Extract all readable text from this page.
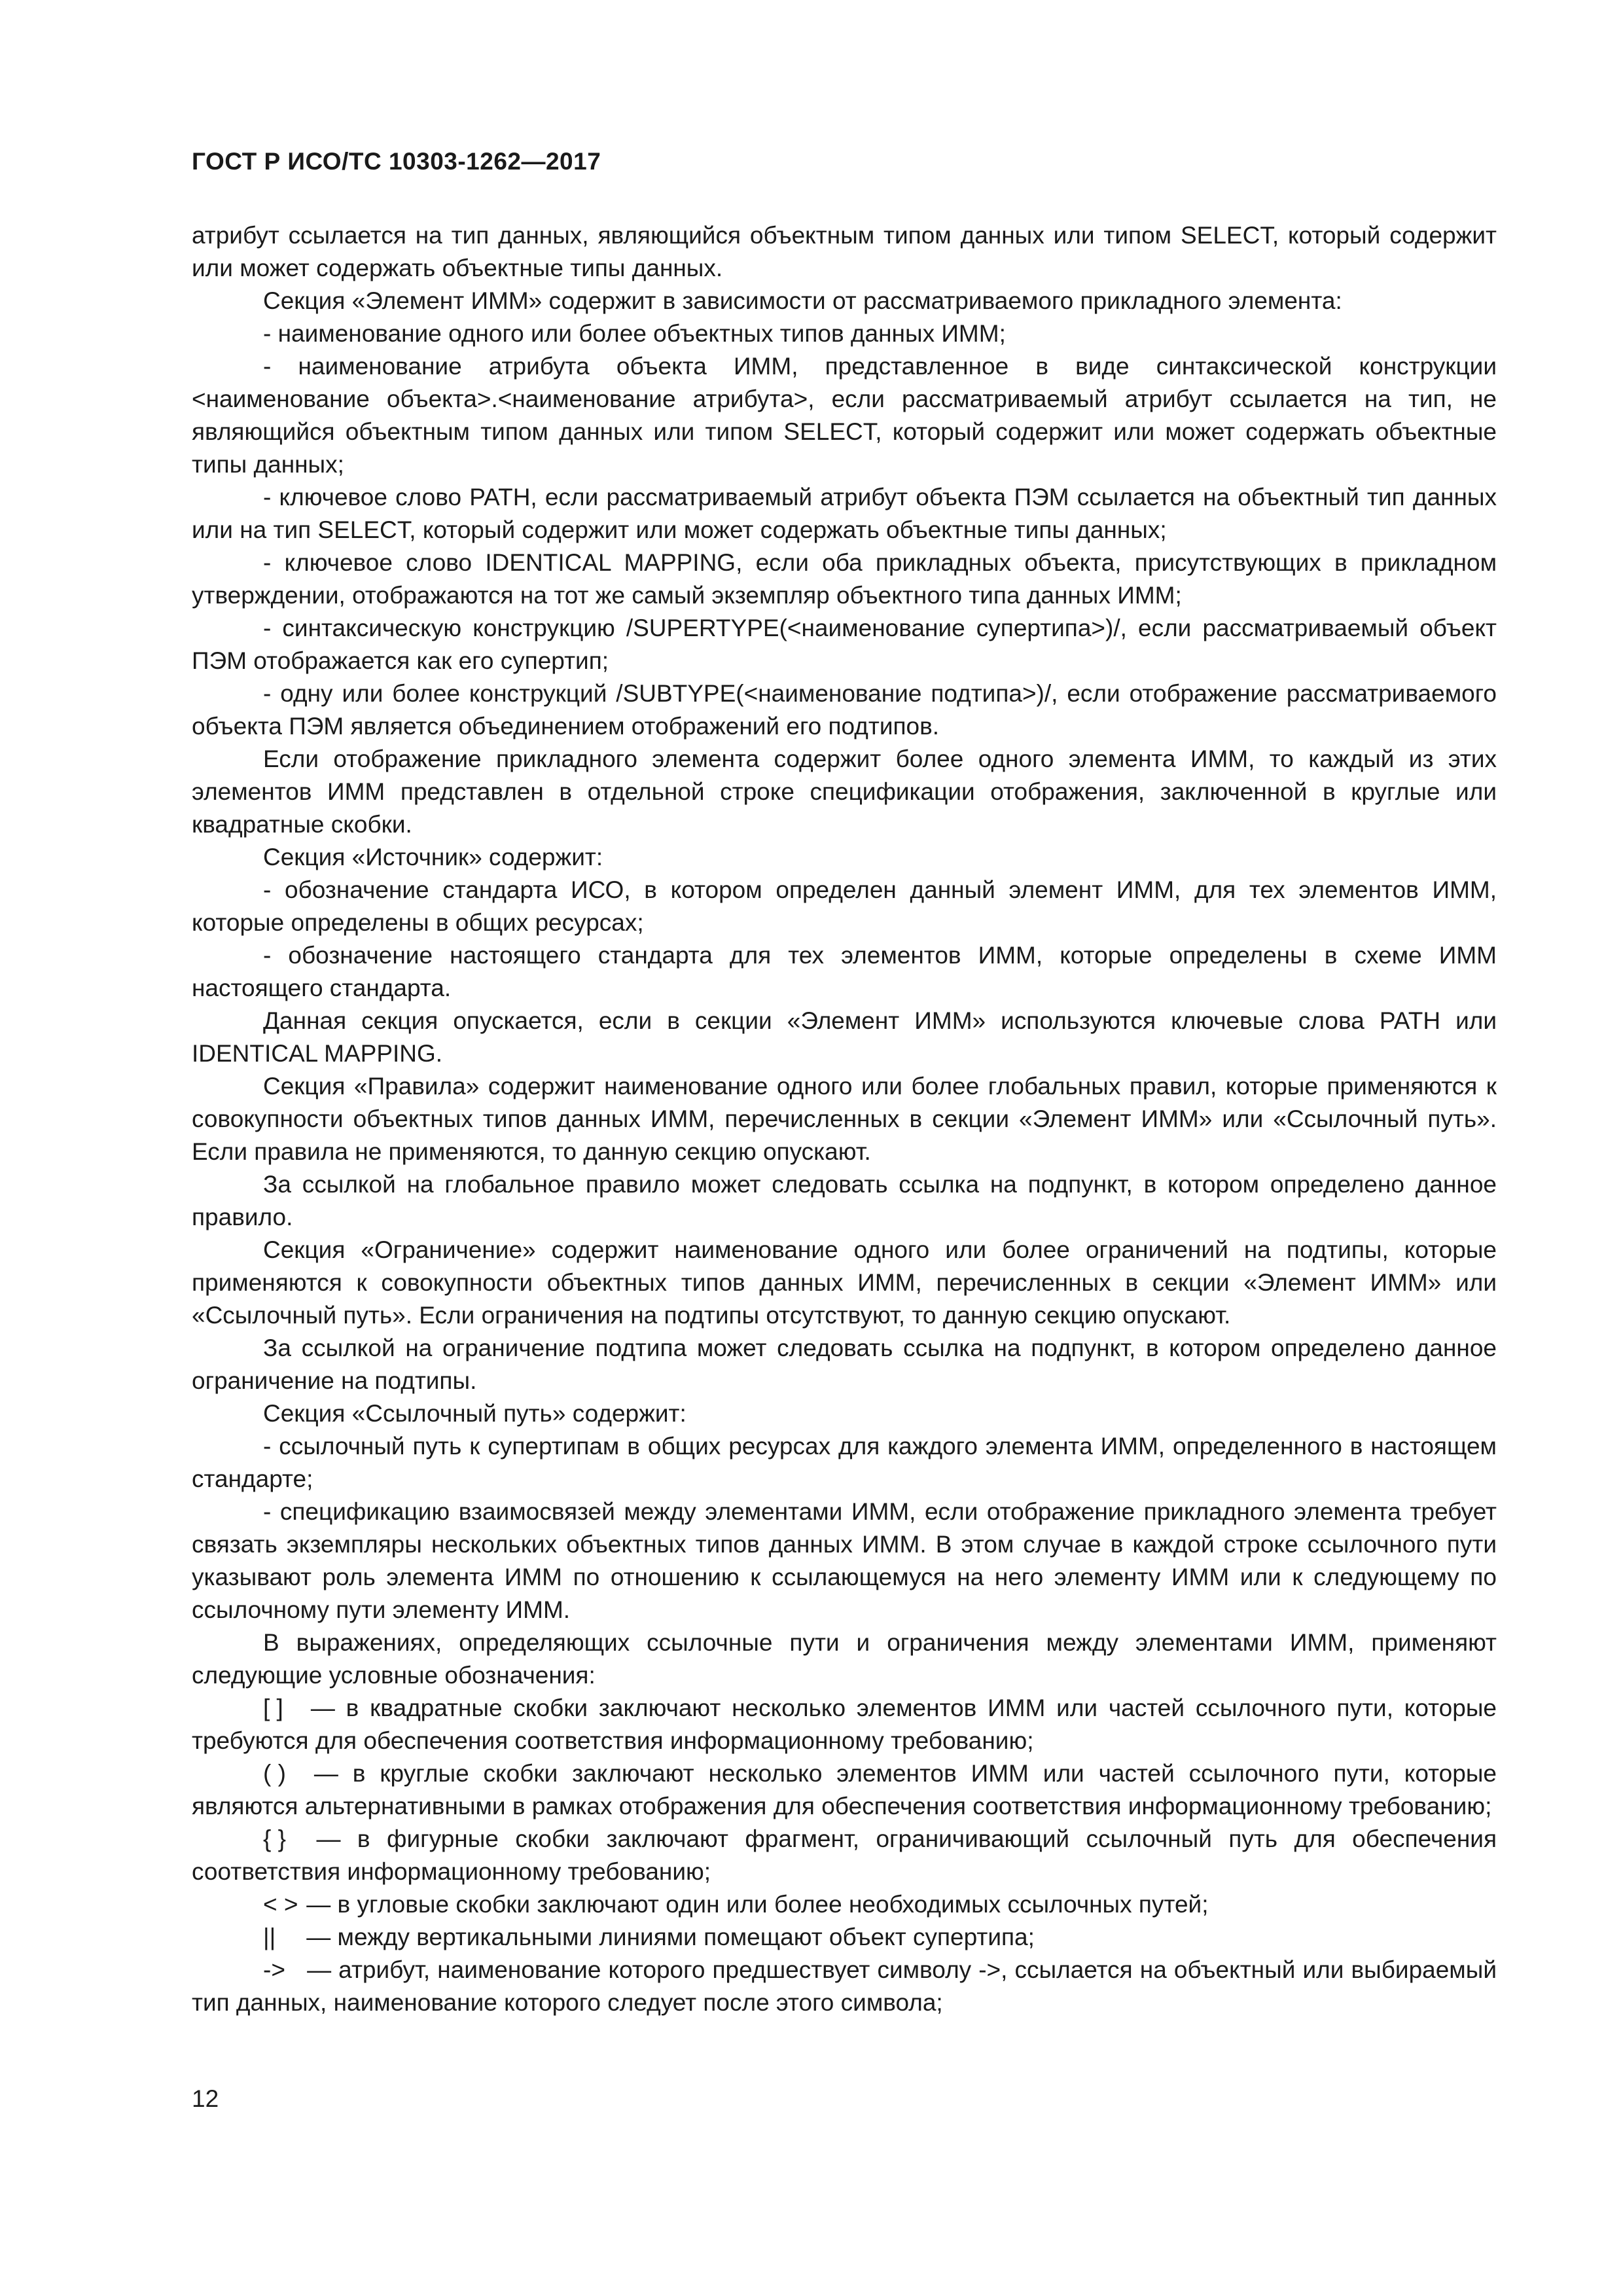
ГОСТ Р ИСО/ТС 10303-1262—2017

атрибут ссылается на тип данных, являющийся объектным типом данных или типом SELECT, который содержит или может содержать объектные типы данных.

Секция «Элемент ИММ» содержит в зависимости от рассматриваемого прикладного элемента:

- наименование одного или более объектных типов данных ИММ;

- наименование атрибута объекта ИММ, представленное в виде синтаксической конструкции <наименование объекта>.<наименование атрибута>, если рассматриваемый атрибут ссылается на тип, не являющийся объектным типом данных или типом SELECT, который содержит или может содержать объектные типы данных;

- ключевое слово PATH, если рассматриваемый атрибут объекта ПЭМ ссылается на объектный тип данных или на тип SELECT, который содержит или может содержать объектные типы данных;

- ключевое слово IDENTICAL MAPPING, если оба прикладных объекта, присутствующих в прикладном утверждении, отображаются на тот же самый экземпляр объектного типа данных ИММ;

- синтаксическую конструкцию /SUPERTYPE(<наименование супертипа>)/, если рассматриваемый объект ПЭМ отображается как его супертип;

- одну или более конструкций /SUBTYPE(<наименование подтипа>)/, если отображение рассматриваемого объекта ПЭМ является объединением отображений его подтипов.

Если отображение прикладного элемента содержит более одного элемента ИММ, то каждый из этих элементов ИММ представлен в отдельной строке спецификации отображения, заключенной в круглые или квадратные скобки.

Секция «Источник» содержит:

- обозначение стандарта ИСО, в котором определен данный элемент ИММ, для тех элементов ИММ, которые определены в общих ресурсах;

- обозначение настоящего стандарта для тех элементов ИММ, которые определены в схеме ИММ настоящего стандарта.

Данная секция опускается, если в секции «Элемент ИММ» используются ключевые слова PATH или IDENTICAL MAPPING.

Секция «Правила» содержит наименование одного или более глобальных правил, которые применяются к совокупности объектных типов данных ИММ, перечисленных в секции «Элемент ИММ» или «Ссылочный путь». Если правила не применяются, то данную секцию опускают.

За ссылкой на глобальное правило может следовать ссылка на подпункт, в котором определено данное правило.

Секция «Ограничение» содержит наименование одного или более ограничений на подтипы, которые применяются к совокупности объектных типов данных ИММ, перечисленных в секции «Элемент ИММ» или «Ссылочный путь». Если ограничения на подтипы отсутствуют, то данную секцию опускают.

За ссылкой на ограничение подтипа может следовать ссылка на подпункт, в котором определено данное ограничение на подтипы.

Секция «Ссылочный путь» содержит:

- ссылочный путь к супертипам в общих ресурсах для каждого элемента ИММ, определенного в настоящем стандарте;

- спецификацию взаимосвязей между элементами ИММ, если отображение прикладного элемента требует связать экземпляры нескольких объектных типов данных ИММ. В этом случае в каждой строке ссылочного пути указывают роль элемента ИММ по отношению к ссылающемуся на него элементу ИММ или к следующему по ссылочному пути элементу ИММ.

В выражениях, определяющих ссылочные пути и ограничения между элементами ИММ, применяют следующие условные обозначения:

[ ] — в квадратные скобки заключают несколько элементов ИММ или частей ссылочного пути, которые требуются для обеспечения соответствия информационному требованию;

( ) — в круглые скобки заключают несколько элементов ИММ или частей ссылочного пути, которые являются альтернативными в рамках отображения для обеспечения соответствия информационному требованию;

{ } — в фигурные скобки заключают фрагмент, ограничивающий ссылочный путь для обеспечения соответствия информационному требованию;

< > — в угловые скобки заключают один или более необходимых ссылочных путей;

|| — между вертикальными линиями помещают объект супертипа;

-> — атрибут, наименование которого предшествует символу ->, ссылается на объектный или выбираемый тип данных, наименование которого следует после этого символа;

12
